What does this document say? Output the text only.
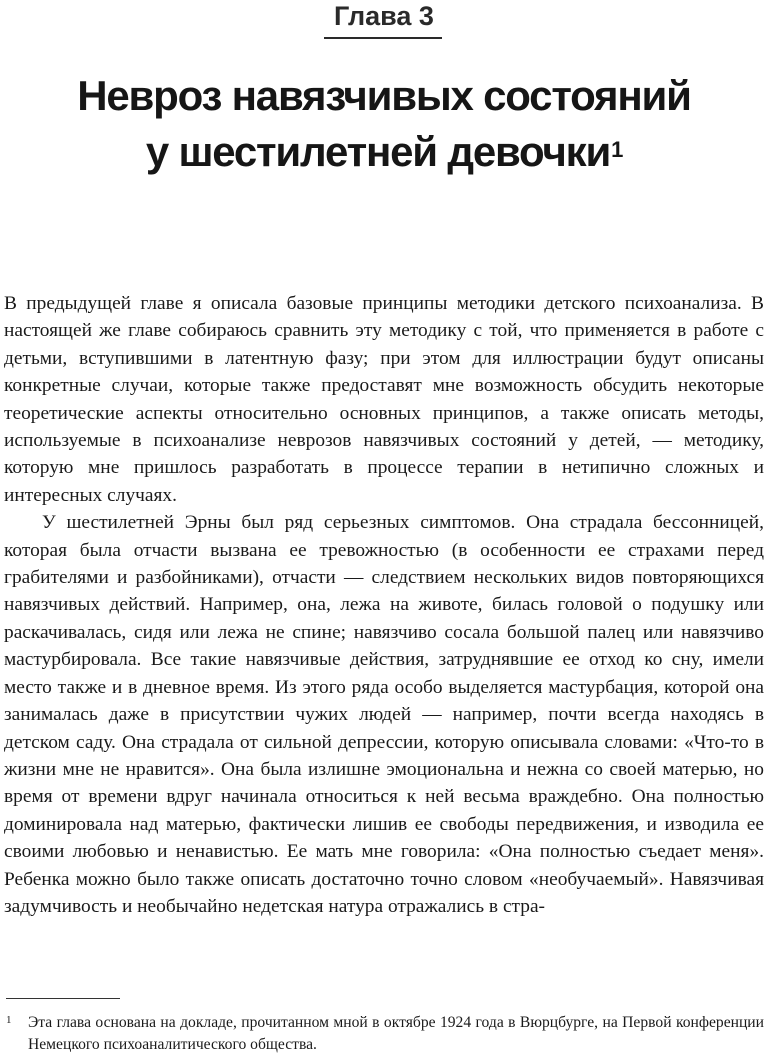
Глава 3
Невроз навязчивых состояний
у шестилетней девочки$^1$

В предыдущей главе я описала базовые принципы методики детского психоанализа. В настоящей же главе собираюсь сравнить эту методику с той, что применяется в работе с детьми, вступившими в латентную фазу; при этом для иллюстрации будут описаны конкретные случаи, которые также предоставят мне возможность обсудить некоторые теоретические аспекты относительно основных принципов, а также описать методы, используемые в психоанализе неврозов навязчивых состояний у детей, — методику, которую мне пришлось разработать в процессе терапии в нетипично сложных и интересных случаях.

У шестилетней Эрны был ряд серьезных симптомов. Она страдала бессонницей, которая была отчасти вызвана ее тревожностью (в особенности ее страхами перед грабителями и разбойниками), отчасти — следствием нескольких видов повторяющихся навязчивых действий. Например, она, лежа на животе, билась головой о подушку или раскачивалась, сидя или лежа не спине; навязчиво сосала большой палец или навязчиво мастурбировала. Все такие навязчивые действия, затруднявшие ее отход ко сну, имели место также и в дневное время. Из этого ряда особо выделяется мастурбация, которой она занималась даже в присутствии чужих людей — например, почти всегда находясь в детском саду. Она страдала от сильной депрессии, которую описывала словами: «Что-то в жизни мне не нравится». Она была излишне эмоциональна и нежна со своей матерью, но время от времени вдруг начинала относиться к ней весьма враждебно. Она полностью доминировала над матерью, фактически лишив ее свободы передвижения, и изводила ее своими любовью и ненавистью. Ее мать мне говорила: «Она полностью съедает меня». Ребенка можно было также описать достаточно точно словом «необучаемый». Навязчивая задумчивость и необычайно недетская натура отражались в стра-

1	Эта глава основана на докладе, прочитанном мной в октябре 1924 года в Вюрцбурге, на Первой конференции Немецкого психоаналитического общества.
